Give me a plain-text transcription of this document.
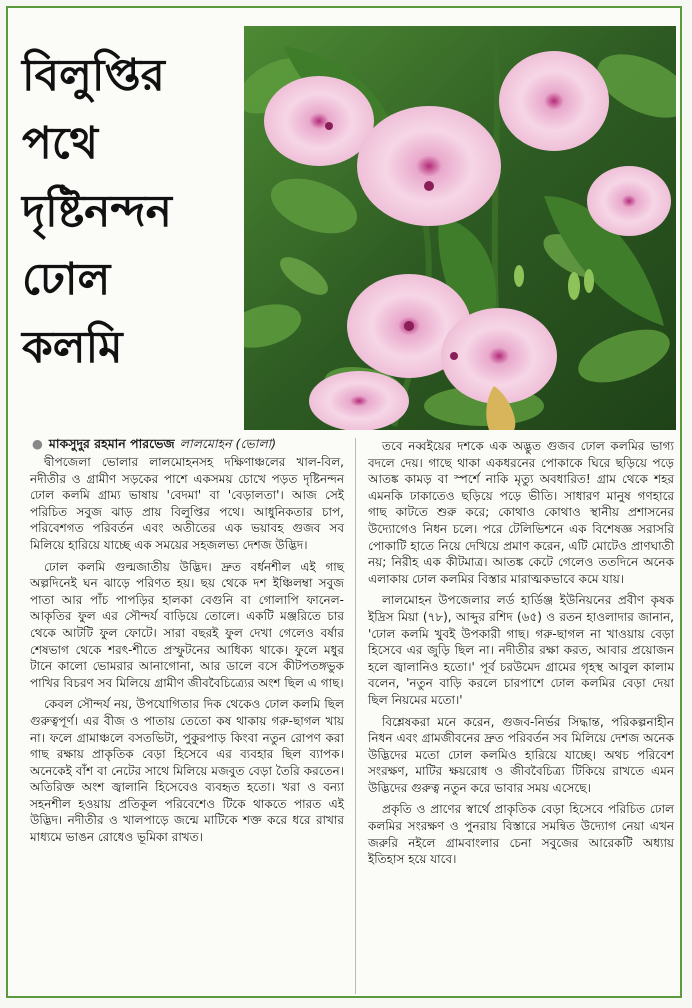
বিলুপ্তির
পথে
দৃষ্টিনন্দন
ঢোল
কলমি
● মাকসুদুর রহমান পারভেজ লালমোহন (ভোলা)

দ্বীপজেলা ভোলার লালমোহনসহ দক্ষিণাঞ্চলের খাল-বিল, নদীতীর ও গ্রামীণ সড়কের পাশে একসময় চোখে পড়ত দৃষ্টিনন্দন ঢোল কলমি গ্রাম্য ভাষায় 'বেদমা' বা 'বেড়ালতা'। আজ সেই পরিচিত সবুজ ঝাড় প্রায় বিলুপ্তির পথে। আধুনিকতার চাপ, পরিবেশগত পরিবর্তন এবং অতীতের এক ভয়াবহ গুজব সব মিলিয়ে হারিয়ে যাচ্ছে এক সময়ের সহজলভ্য দেশজ উদ্ভিদ।

ঢোল কলমি গুল্মজাতীয় উদ্ভিদ। দ্রুত বর্ধনশীল এই গাছ অল্পদিনেই ঘন ঝাড়ে পরিণত হয়। ছয় থেকে দশ ইঞ্চিলম্বা সবুজ পাতা আর পাঁচ পাপড়ির হালকা বেগুনি বা গোলাপি ফানেল-আকৃতির ফুল এর সৌন্দর্য বাড়িয়ে তোলে। একটি মঞ্জরিতে চার থেকে আটটি ফুল ফোটে। সারা বছরই ফুল দেখা গেলেও বর্ষার শেষভাগ থেকে শরৎ-শীতে প্রস্ফুটনের আধিক্য থাকে। ফুলে মধুর টানে কালো ভোমরার আনাগোনা, আর ডালে বসে কীটপতঙ্গভুক পাখির বিচরণ সব মিলিয়ে গ্রামীণ জীববৈচিত্র্যের অংশ ছিল এ গাছ।

কেবল সৌন্দর্য নয়, উপযোগিতার দিক থেকেও ঢোল কলমি ছিল গুরুত্বপূর্ণ। এর বীজ ও পাতায় তেতো কষ থাকায় গরু-ছাগল খায় না। ফলে গ্রামাঞ্চলে বসতভিটা, পুকুরপাড় কিংবা নতুন রোপণ করা গাছ রক্ষায় প্রাকৃতিক বেড়া হিসেবে এর ব্যবহার ছিল ব্যাপক। অনেকেই বাঁশ বা নেটের সাথে মিলিয়ে মজবুত বেড়া তৈরি করতেন। অতিরিক্ত অংশ জ্বালানি হিসেবেও ব্যবহৃত হতো। খরা ও বন্যা সহনশীল হওয়ায় প্রতিকূল পরিবেশেও টিকে থাকতে পারত এই উদ্ভিদ। নদীতীর ও খালপাড়ে জন্মে মাটিকে শক্ত করে ধরে রাখার মাধ্যমে ভাঙন রোধেও ভূমিকা রাখত।

তবে নব্বইয়ের দশকে এক অদ্ভুত গুজব ঢোল কলমির ভাগ্য বদলে দেয়। গাছে থাকা একধরনের পোকাকে ঘিরে ছড়িয়ে পড়ে আতঙ্ক কামড় বা স্পর্শে নাকি মৃত্যু অবধারিত! গ্রাম থেকে শহর এমনকি ঢাকাতেও ছড়িয়ে পড়ে ভীতি। সাধারণ মানুষ গণহারে গাছ কাটতে শুরু করে; কোথাও কোথাও স্থানীয় প্রশাসনের উদ্যোগেও নিধন চলে। পরে টেলিভিশনে এক বিশেষজ্ঞ সরাসরি পোকাটি হাতে নিয়ে দেখিয়ে প্রমাণ করেন, এটি মোটেও প্রাণঘাতী নয়; নিরীহ এক কীটমাত্র। আতঙ্ক কেটে গেলেও ততদিনে অনেক এলাকায় ঢোল কলমির বিস্তার মারাত্মকভাবে কমে যায়।

লালমোহন উপজেলার লর্ড হার্ডিঞ্জ ইউনিয়নের প্রবীণ কৃষক ইদ্রিস মিয়া (৭৮), আব্দুর রশিদ (৬৫) ও রতন হাওলাদার জানান, 'ঢোল কলমি খুবই উপকারী গাছ। গরু-ছাগল না খাওয়ায় বেড়া হিসেবে এর জুড়ি ছিল না। নদীতীর রক্ষা করত, আবার প্রয়োজন হলে জ্বালানিও হতো।' পূর্ব চরউমেদ গ্রামের গৃহস্থ আবুল কালাম বলেন, 'নতুন বাড়ি করলে চারপাশে ঢোল কলমির বেড়া দেয়া ছিল নিয়মের মতো।'

বিশ্লেষকরা মনে করেন, গুজব-নির্ভর সিদ্ধান্ত, পরিকল্পনাহীন নিধন এবং গ্রামজীবনের দ্রুত পরিবর্তন সব মিলিয়ে দেশজ অনেক উদ্ভিদের মতো ঢোল কলমিও হারিয়ে যাচ্ছে। অথচ পরিবেশ সংরক্ষণ, মাটির ক্ষয়রোধ ও জীববৈচিত্র্য টিকিয়ে রাখতে এমন উদ্ভিদের গুরুত্ব নতুন করে ভাবার সময় এসেছে।

প্রকৃতি ও প্রাণের স্বার্থে প্রাকৃতিক বেড়া হিসেবে পরিচিত ঢোল কলমির সংরক্ষণ ও পুনরায় বিস্তারে সমন্বিত উদ্যোগ নেয়া এখন জরুরি নইলে গ্রামবাংলার চেনা সবুজের আরেকটি অধ্যায় ইতিহাস হয়ে যাবে।
